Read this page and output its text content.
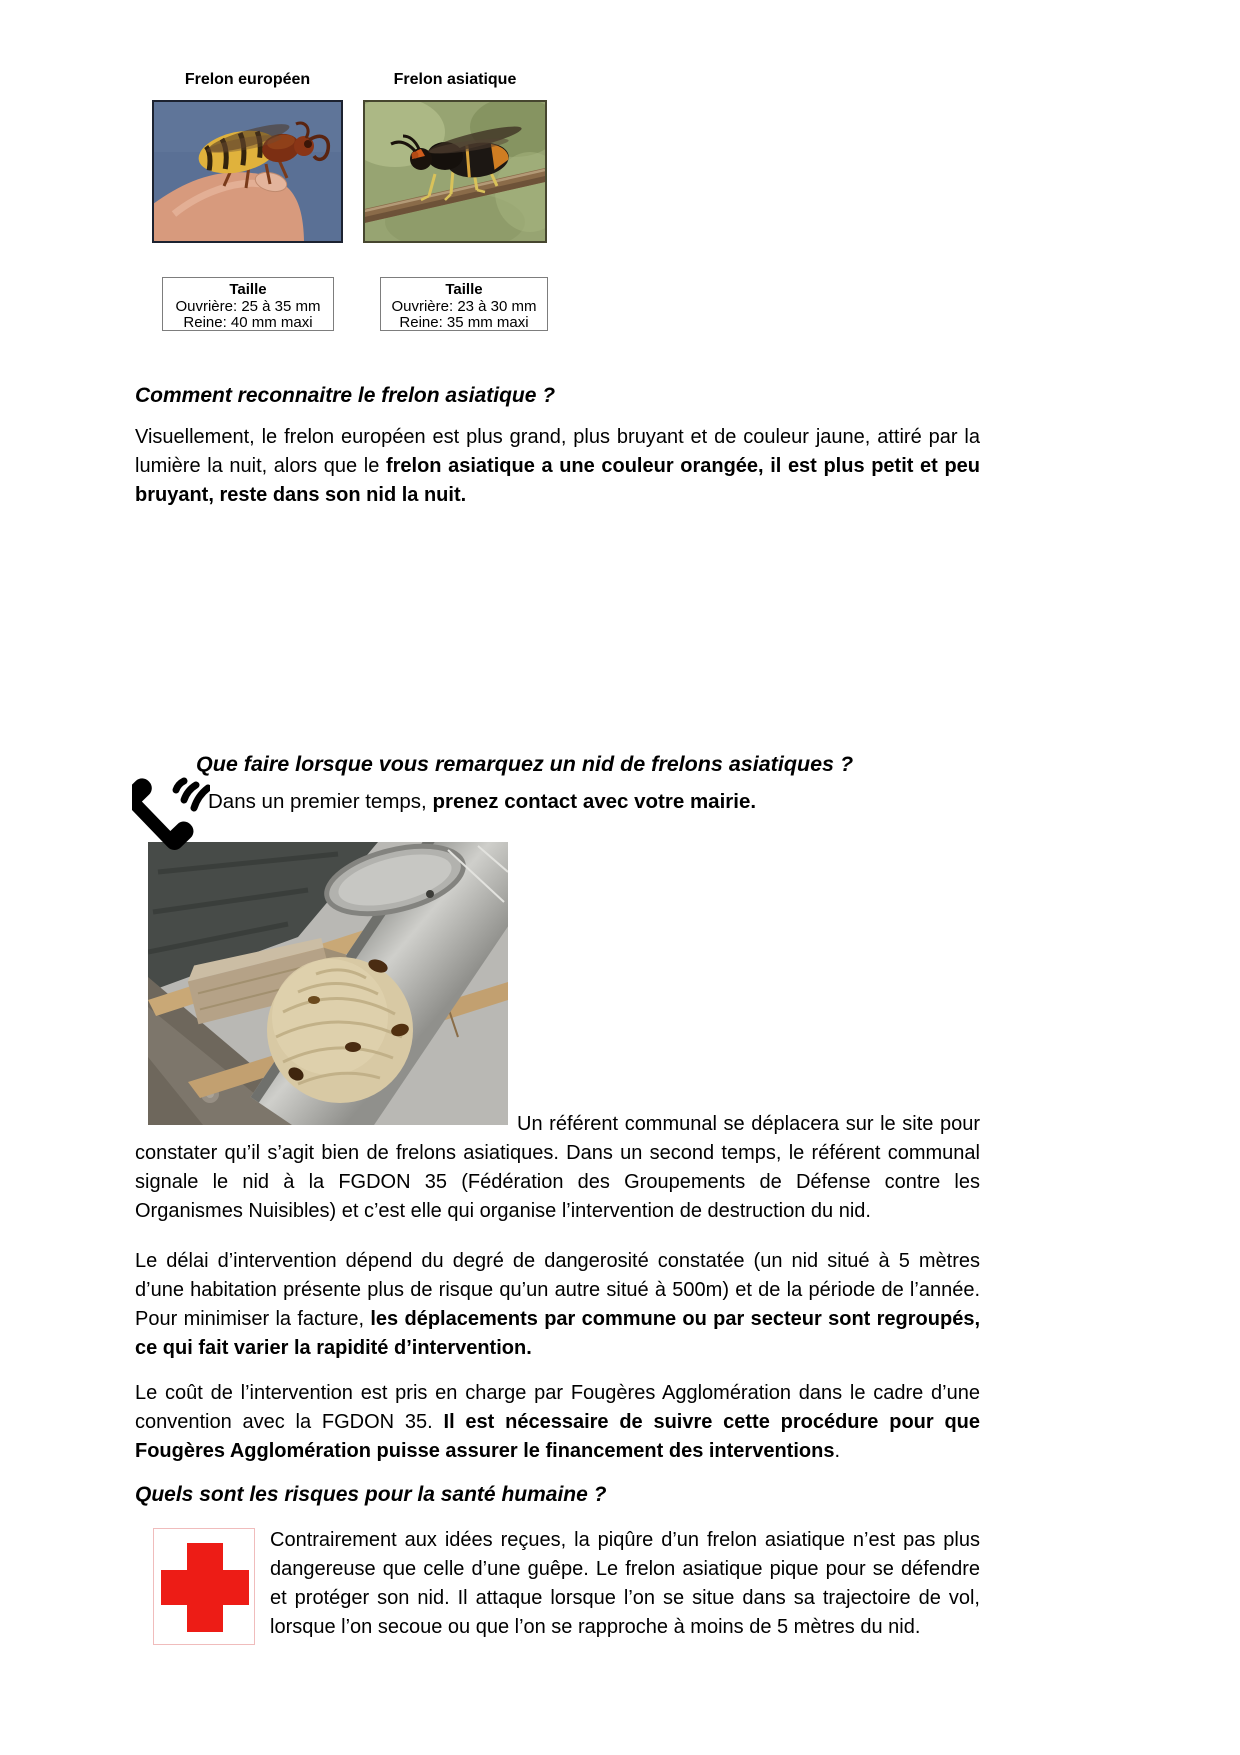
Frelon européen	Frelon asiatique
Taille
Ouvrière: 25 à 35 mm
Reine: 40 mm maxi
Taille
Ouvrière: 23 à 30 mm
Reine: 35 mm maxi
Comment reconnaitre le frelon asiatique ?

Visuellement, le frelon européen est plus grand, plus bruyant et de couleur jaune, attiré par la lumière la nuit, alors que le frelon asiatique a une couleur orangée, il est plus petit et peu bruyant, reste dans son nid la nuit.

Que faire lorsque vous remarquez un nid de frelons asiatiques ?

Dans un premier temps, prenez contact avec votre mairie.

Un référent communal se déplacera sur le site pour constater qu’il s’agit bien de frelons asiatiques. Dans un second temps, le référent communal signale le nid à la FGDON 35 (Fédération des Groupements de Défense contre les Organismes Nuisibles) et c’est elle qui organise l’intervention de destruction du nid.

Le délai d’intervention dépend du degré de dangerosité constatée (un nid situé à 5 mètres d’une habitation présente plus de risque qu’un autre situé à 500m) et de la période de l’année. Pour minimiser la facture, les déplacements par commune ou par secteur sont regroupés, ce qui fait varier la rapidité d’intervention.

Le coût de l’intervention est pris en charge par Fougères Agglomération dans le cadre d’une convention avec la FGDON 35. Il est nécessaire de suivre cette procédure pour que Fougères Agglomération puisse assurer le financement des interventions.

Quels sont les risques pour la santé humaine ?

Contrairement aux idées reçues, la piqûre d’un frelon asiatique n’est pas plus dangereuse que celle d’une guêpe. Le frelon asiatique pique pour se défendre et protéger son nid. Il attaque lorsque l’on se situe dans sa trajectoire de vol, lorsque l’on secoue ou que l’on se rapproche à moins de 5 mètres du nid.
